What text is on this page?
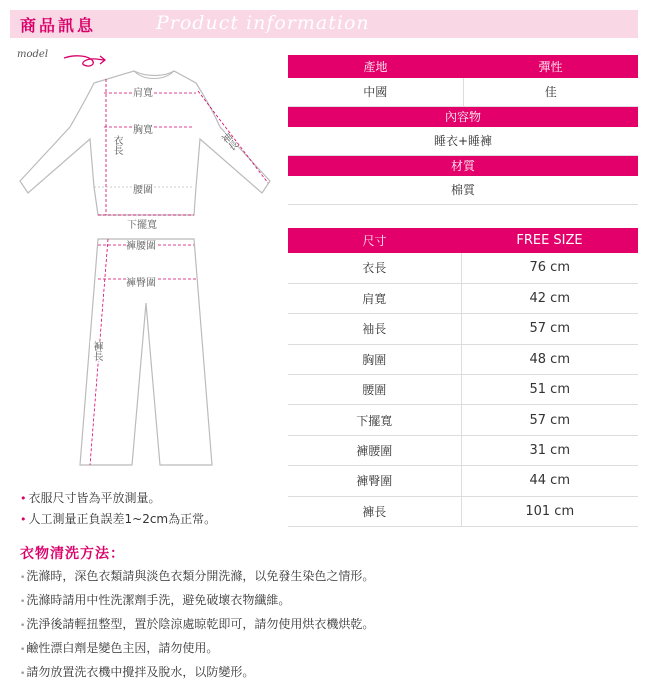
商品訊息	Product information
model
肩寬
胸寬
衣長	袖長
腰圍
下擺寬
褲腰圍
褲臀圍
褲長
• 衣服尺寸皆為平放測量。
• 人工測量正負誤差1~2cm為正常。
產地	彈性
中國	佳
內容物	
睡衣+睡褲	
材質	
棉質	
尺寸	FREE SIZE
衣長	76 cm
肩寬	42 cm
袖長	57 cm
胸圍	48 cm
腰圍	51 cm
下擺寬	57 cm
褲腰圍	31 cm
褲臀圍	44 cm
褲長	101 cm
衣物清洗方法：
•洗滌時，深色衣類請與淡色衣類分開洗滌，以免發生染色之情形。
•洗滌時請用中性洗潔劑手洗，避免破壞衣物纖維。
•洗淨後請輕扭整型，置於陰涼處晾乾即可，請勿使用烘衣機烘乾。
•鹼性漂白劑是變色主因，請勿使用。
•請勿放置洗衣機中攪拌及脫水，以防變形。
